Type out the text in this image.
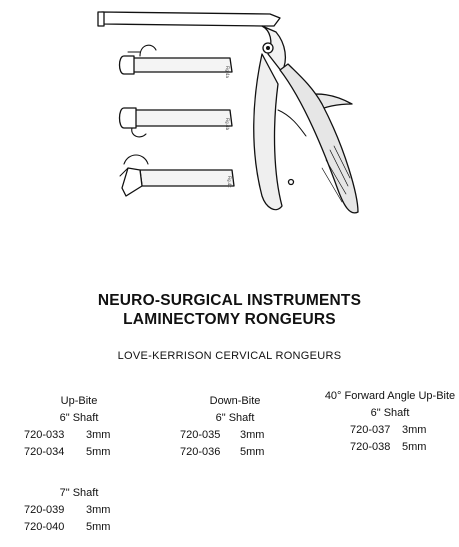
Fig.4a
Fig.4b
Fig.4c
NEURO-SURGICAL INSTRUMENTS
LAMINECTOMY RONGEURS
LOVE-KERRISON CERVICAL RONGEURS
Up-Bite
6" Shaft
720-033	3mm
720-034	5mm
Down-Bite
6" Shaft
720-035	3mm
720-036	5mm
40° Forward Angle Up-Bite
6" Shaft
720-037	3mm
720-038	5mm
7" Shaft
720-039	3mm
720-040	5mm
